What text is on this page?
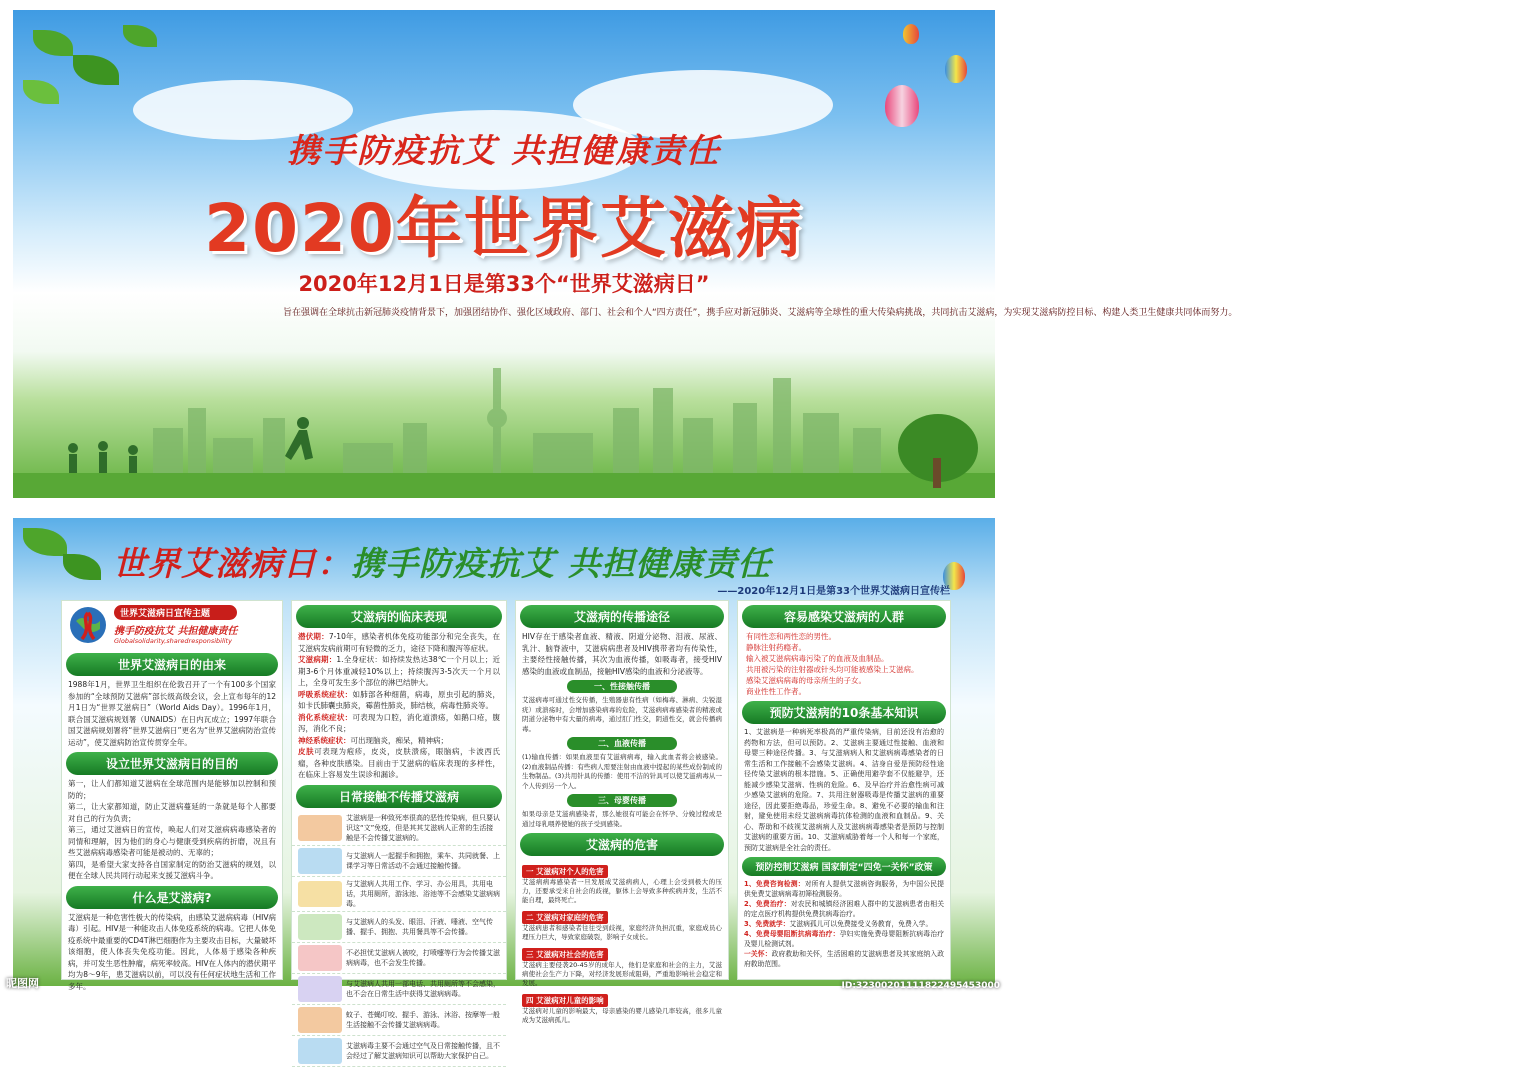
携手防疫抗艾 共担健康责任
2020年世界艾滋病
2020年12月1日是第33个“世界艾滋病日”
旨在强调在全球抗击新冠肺炎疫情背景下，加强团结协作、强化区域政府、部门、社会和个人“四方责任”，携手应对新冠肺炎、艾滋病等全球性的重大传染病挑战，共同抗击艾滋病，为实现艾滋病防控目标、构建人类卫生健康共同体而努力。
世界艾滋病日：携手防疫抗艾 共担健康责任
——2020年12月1日是第33个世界艾滋病日宣传栏
世界艾滋病日宣传主题
携手防疫抗艾 共担健康责任
Globalsolidarity,sharedresponsibility
世界艾滋病日的由来
1988年1月，世界卫生组织在伦敦召开了一个有100多个国家参加的“全球预防艾滋病”部长级高级会议，会上宣布每年的12月1日为“世界艾滋病日”（World Aids Day）。1996年1月，联合国艾滋病规划署（UNAIDS）在日内瓦成立；1997年联合国艾滋病规划署将“世界艾滋病日”更名为“世界艾滋病防治宣传运动”，使艾滋病防治宣传贯穿全年。
设立世界艾滋病日的目的
第一，让人们都知道艾滋病在全球范围内是能够加以控制和预防的；
第二，让大家都知道，防止艾滋病蔓延的一条就是每个人都要对自己的行为负责；
第三，通过艾滋病日的宣传，唤起人们对艾滋病病毒感染者的同情和理解，因为他们的身心与健康受到疾病的折磨，况且有些艾滋病病毒感染者可能是被动的、无辜的；
第四，是希望大家支持各自国家制定的防治艾滋病的规划，以便在全球人民共同行动起来支援艾滋病斗争。
什么是艾滋病?
艾滋病是一种危害性极大的传染病，由感染艾滋病病毒（HIV病毒）引起。HIV是一种能攻击人体免疫系统的病毒。它把人体免疫系统中最重要的CD4T淋巴细胞作为主要攻击目标，大量破坏该细胞，使人体丧失免疫功能。因此，人体易于感染各种疾病，并可发生恶性肿瘤，病死率较高。HIV在人体内的潜伏期平均为8～9年，患艾滋病以前，可以没有任何症状地生活和工作多年。
艾滋病的临床表现
潜伏期：7-10年，感染者机体免疫功能部分和完全丧失，在艾滋病发病前期可有轻微的乏力，途径下降和腹泻等症状。
艾滋病期：1.全身症状：如持续发热达38℃一个月以上；近期3-6个月体重减轻10%以上；持续腹泻3-5次天一个月以上，全身可发生多个部位的淋巴结肿大。
呼吸系统症状：如肺部各种细菌，病毒，原虫引起的肺炎，如卡氏肺囊虫肺炎，霉菌性肺炎，肺结核，病毒性肺炎等。
消化系统症状：可表现为口腔，消化道溃疡，如鹅口疮，腹泻，消化不良；
神经系统症状：可出现脑炎，痴呆，精神病；
皮肤可表现为疱疹，皮炎，皮肤溃疡，眼脑病，卡波西氏瘤，各种皮肤感染。目前由于艾滋病的临床表现的多样性，在临床上容易发生误诊和漏诊。
日常接触不传播艾滋病
艾滋病是一种致死率很高的恶性传染病，但只要认识这“文”免疫，但是其其艾滋病人正常的生活接触是不会传播艾滋病的。
与艾滋病人一起握手和拥抱，乘车、共同就餐、上课学习等日常活动不会通过接触传播。
与艾滋病人共用工作、学习、办公用具，共用电话，共用厕所，游泳池、浴池等不会感染艾滋病病毒。
与艾滋病人的头发、眼泪、汗液、唾液、空气传播、握手、拥抱、共用餐具等不会传播。
不必担忧艾滋病人被咬，打喷嚏等行为会传播艾滋病病毒，也不会发生传播。
与艾滋病人共用一部电话、共用厕所等不会感染，也不会在日常生活中获得艾滋病病毒。
蚊子、苍蝇叮咬、握手、游泳、沐浴、按摩等一般生活接触不会传播艾滋病病毒。
艾滋病毒主要不会通过空气及日常接触传播，且不会经过了解艾滋病知识可以帮助大家保护自己。
艾滋病的传播途径
HIV存在于感染者血液、精液、阴道分泌物、泪液、尿液、乳汁、脑脊液中，艾滋病病患者及HIV携带者均有传染性，主要经性接触传播，其次为血液传播，如吸毒者，接受HIV感染的血液或血制品，接触HIV感染的血液和分泌液等。
一、性接触传播
艾滋病毒可通过性交传播，生殖器患有性病（如梅毒、淋病、尖锐湿疣）或溃疡时，会增加感染病毒的危险，艾滋病病毒感染者的精液或阴道分泌物中有大量的病毒，通过肛门性交，阴道性交，就会传播病毒。
二、血液传播
(1)输血传播：如果血液里有艾滋病病毒，输入此血者将会被感染。(2)血液制品传播：有些病人需要注射由血液中提起的某些成份制成的生物制品。(3)共用针具的传播：使用不洁的针具可以使艾滋病毒从一个人传到另一个人。
三、母婴传播
如果母亲是艾滋病感染者，那么她很有可能会在怀孕、分娩过程或是通过母乳喂养使她的孩子受到感染。
艾滋病的危害
一 艾滋病对个人的危害
艾滋病病毒感染者一旦发展成艾滋病病人，心理上会受到极大的压力，还要承受来自社会的歧视，躯体上会导致多种疾病并发，生活不能自理，最终死亡。
二 艾滋病对家庭的危害
艾滋病患者和感染者往往受到歧视，家庭经济负担沉重，家庭成员心理压力巨大，导致家庭破裂，影响子女成长。
三 艾滋病对社会的危害
艾滋病主要侵袭20-45岁的成年人，他们是家庭和社会的主力，艾滋病使社会生产力下降，对经济发展形成阻碍，严重地影响社会稳定和发展。
四 艾滋病对儿童的影响
艾滋病对儿童的影响最大，母亲感染的婴儿感染几率较高，很多儿童成为艾滋病孤儿。
容易感染艾滋病的人群
有同性恋和两性恋的男性。
静脉注射药瘾者。
输入被艾滋病病毒污染了的血液及血制品。
共用被污染的注射器或针头均可能被感染上艾滋病。
感染艾滋病病毒的母亲所生的子女。
商业性性工作者。
预防艾滋病的10条基本知识
1、艾滋病是一种病死率极高的严重传染病，目前还没有治愈的药物和方法，但可以预防。2、艾滋病主要通过性接触、血液和母婴三种途径传播。3、与艾滋病病人和艾滋病病毒感染者的日常生活和工作接触不会感染艾滋病。4、洁身自爱是预防经性途径传染艾滋病的根本措施。5、正确使用避孕套不仅能避孕，还能减少感染艾滋病、性病的危险。6、及早治疗并治愈性病可减少感染艾滋病的危险。7、共用注射器吸毒是传播艾滋病的重要途径，因此要拒绝毒品，珍爱生命。8、避免不必要的输血和注射，避免使用未经艾滋病病毒抗体检测的血液和血制品。9、关心、帮助和不歧视艾滋病病人及艾滋病病毒感染者是预防与控制艾滋病的重要方面。10、艾滋病威胁着每一个人和每一个家庭，预防艾滋病是全社会的责任。
预防控制艾滋病 国家制定“四免一关怀”政策
1、免费咨询检测：对所有人提供艾滋病咨询服务，为中国公民提供免费艾滋病病毒初筛检测服务。
2、免费治疗：对农民和城镇经济困难人群中的艾滋病患者由相关的定点医疗机构提供免费抗病毒治疗。
3、免费就学：艾滋病孤儿可以免费接受义务教育，免费入学。
4、免费母婴阻断抗病毒治疗：孕妇实施免费母婴阻断抗病毒治疗及婴儿检测试剂。
一关怀：政府救助和关怀，生活困难的艾滋病患者及其家庭纳入政府救助范围。
昵图网	ID:32300201111822495453000
